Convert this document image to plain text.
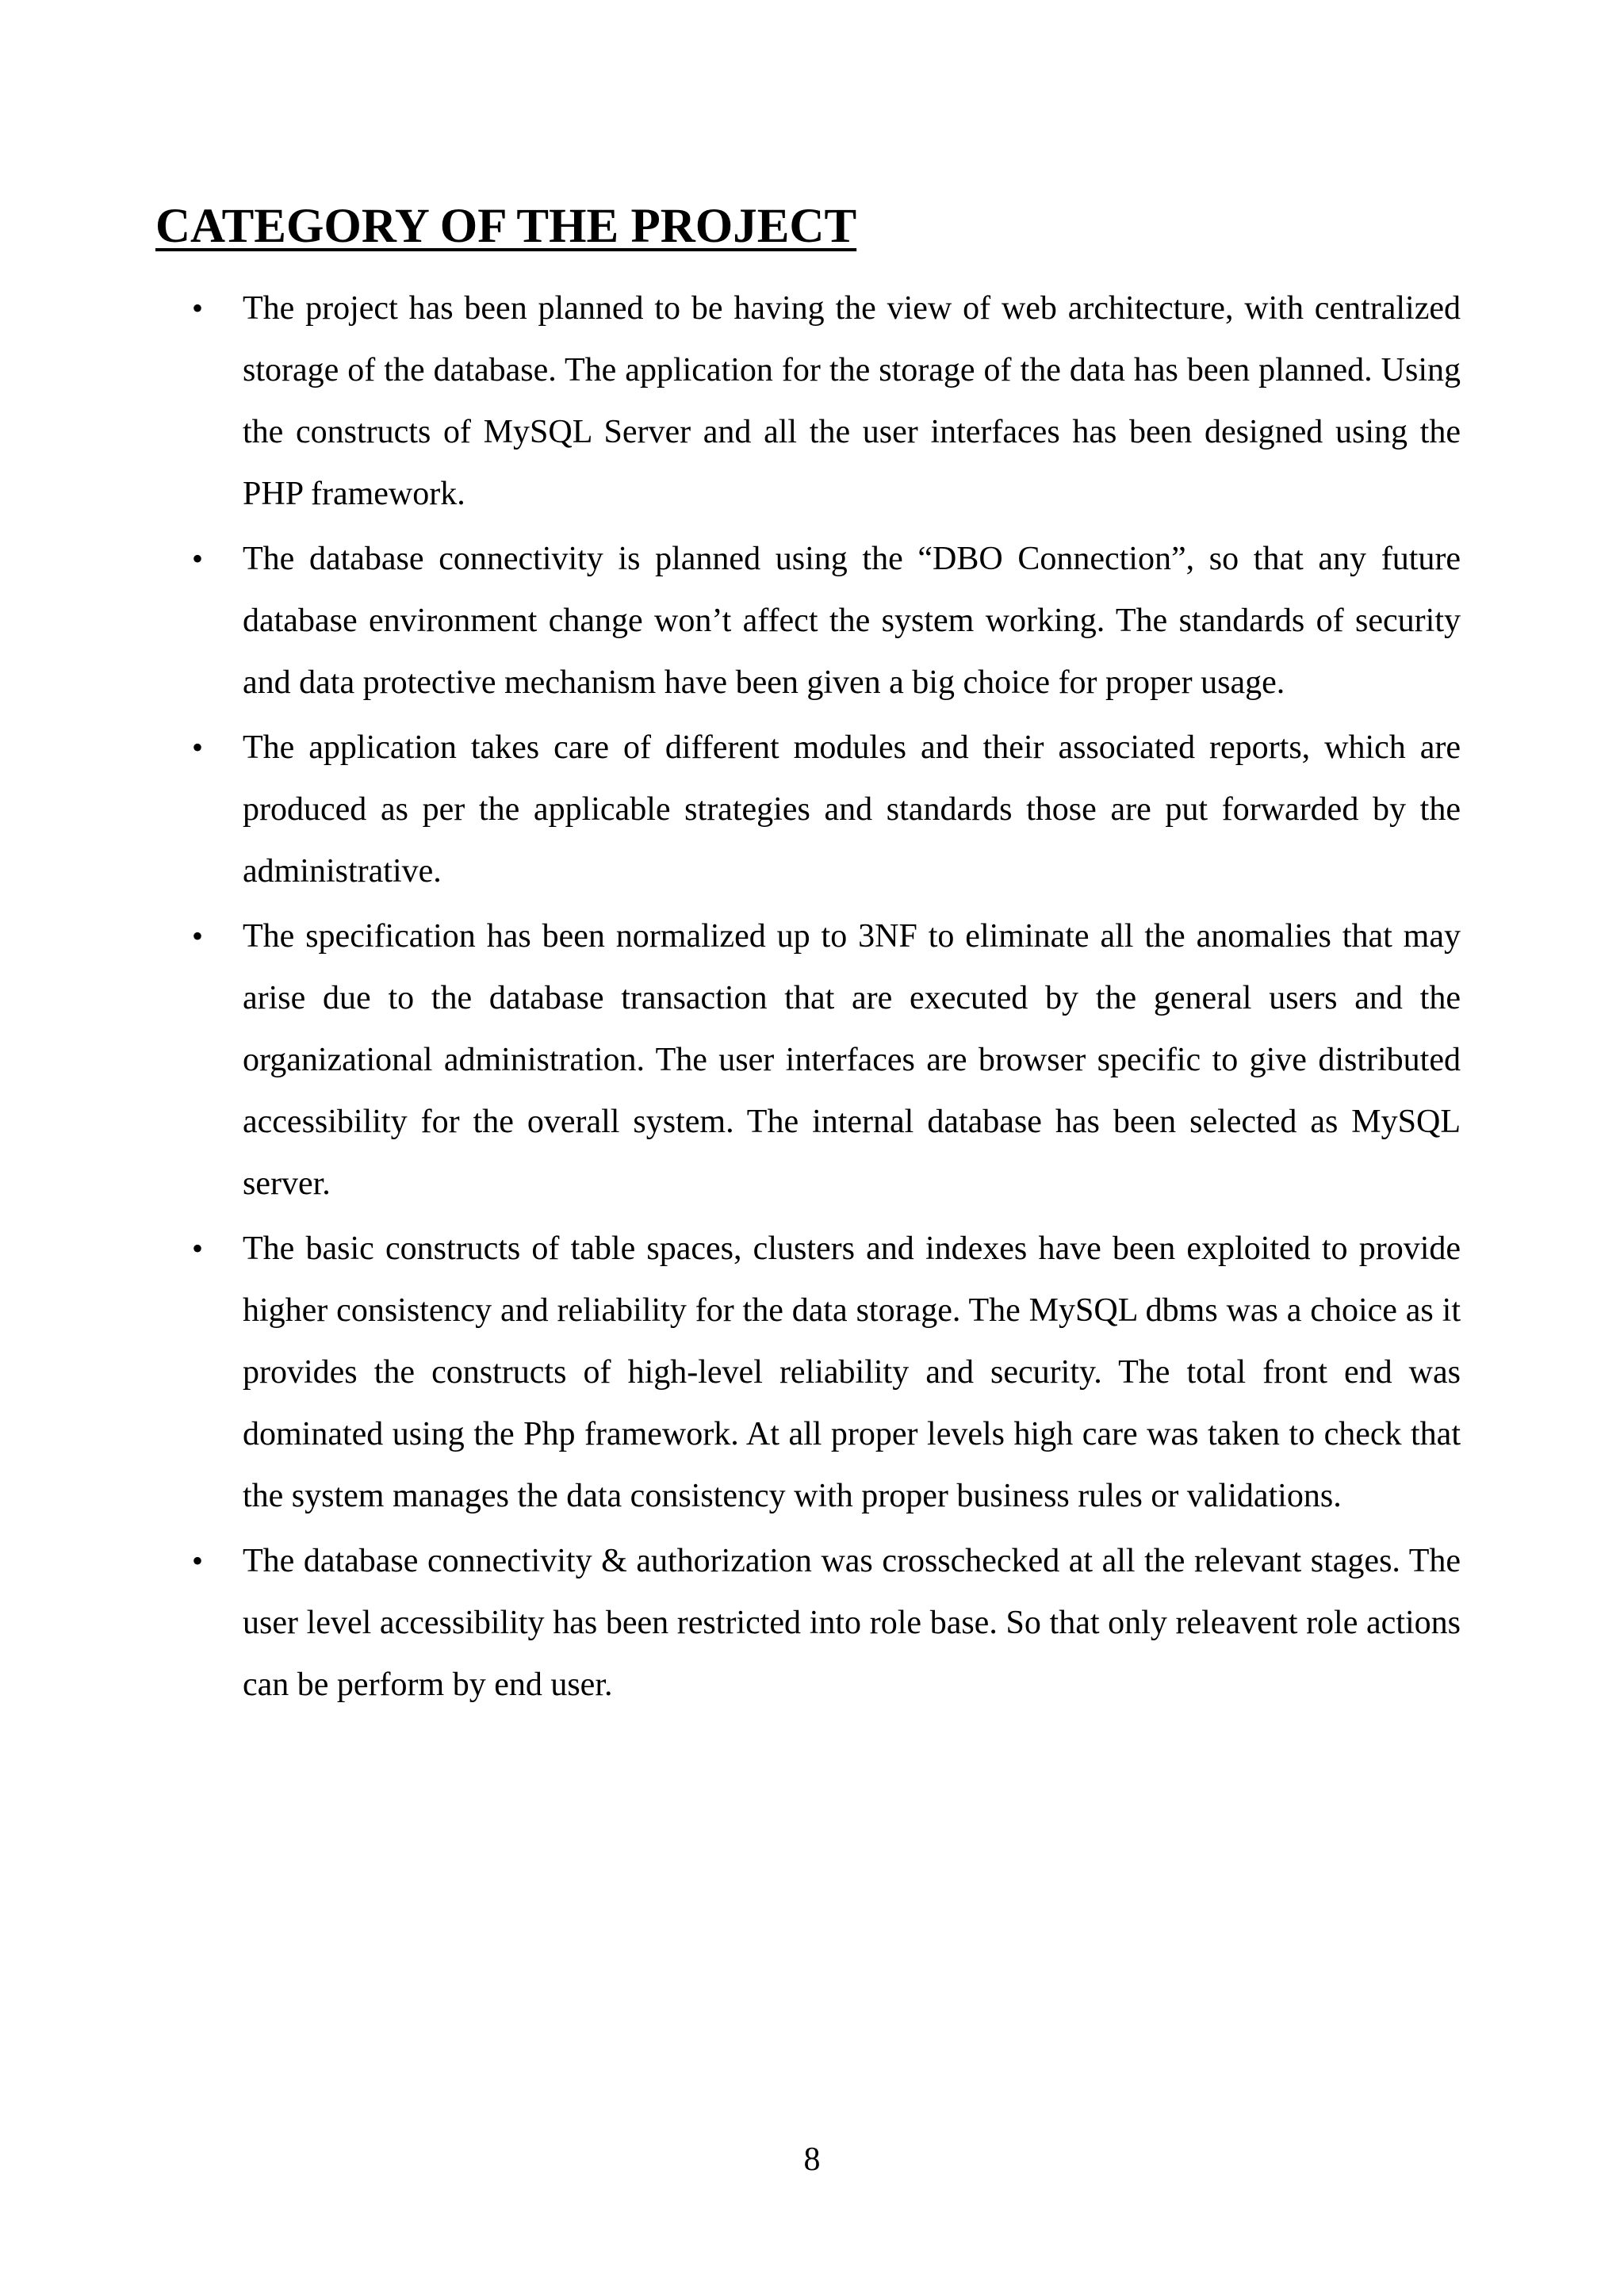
CATEGORY OF THE PROJECT
• The project has been planned to be having the view of web architecture, with centralized storage of the database. The application for the storage of the data has been planned. Using the constructs of MySQL Server and all the user interfaces has been designed using the PHP framework.
• The database connectivity is planned using the “DBO Connection”, so that any future database environment change won’t affect the system working. The standards of security and data protective mechanism have been given a big choice for proper usage.
• The application takes care of different modules and their associated reports, which are produced as per the applicable strategies and standards those are put forwarded by the administrative.
• The specification has been normalized up to 3NF to eliminate all the anomalies that may arise due to the database transaction that are executed by the general users and the organizational administration. The user interfaces are browser specific to give distributed accessibility for the overall system. The internal database has been selected as MySQL server.
• The basic constructs of table spaces, clusters and indexes have been exploited to provide higher consistency and reliability for the data storage. The MySQL dbms was a choice as it provides the constructs of high-level reliability and security. The total front end was dominated using the Php framework. At all proper levels high care was taken to check that the system manages the data consistency with proper business rules or validations.
• The database connectivity & authorization was crosschecked at all the relevant stages. The user level accessibility has been restricted into role base. So that only releavent role actions can be perform by end user.
8
